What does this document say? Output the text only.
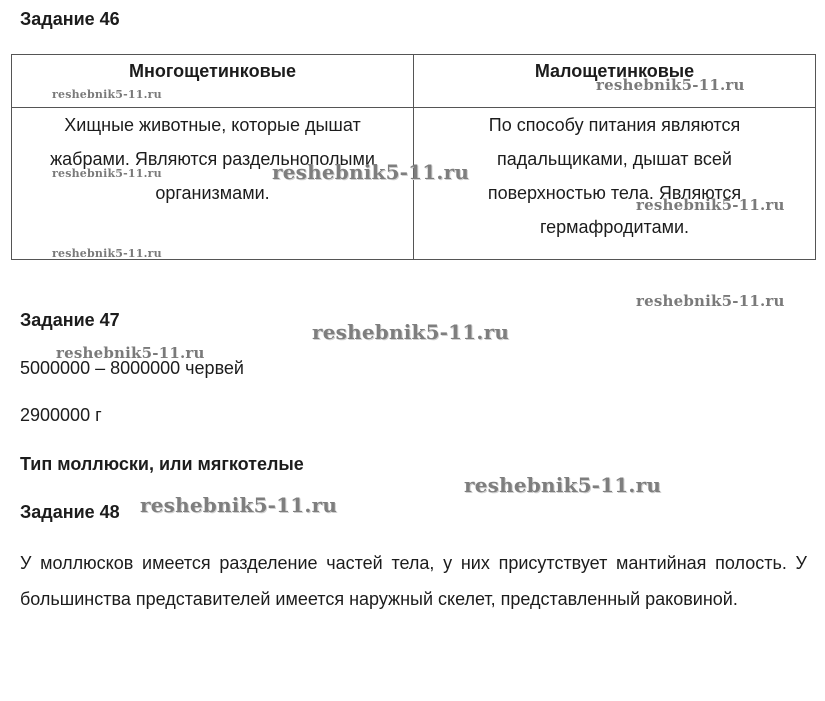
Задание 46
Многощетинковые	Малощетинковые
Хищные животные, которые дышат жабрами. Являются раздельнополыми организмами.	По способу питания являются падальщиками, дышат всей поверхностью тела. Являются гермафродитами.
Задание 47

5000000 – 8000000 червей

2900000 г

Тип моллюски, или мягкотелые
Задание 48

У моллюсков имеется разделение частей тела, у них присутствует мантийная полость. У большинства представителей имеется наружный скелет, представленный раковиной.

reshebnik5-11.ru
reshebnik5-11.ru
reshebnik5-11.ru	reshebnik5-11.ru
reshebnik5-11.ru
reshebnik5-11.ru
reshebnik5-11.ru
reshebnik5-11.ru
reshebnik5-11.ru
reshebnik5-11.ru
reshebnik5-11.ru
